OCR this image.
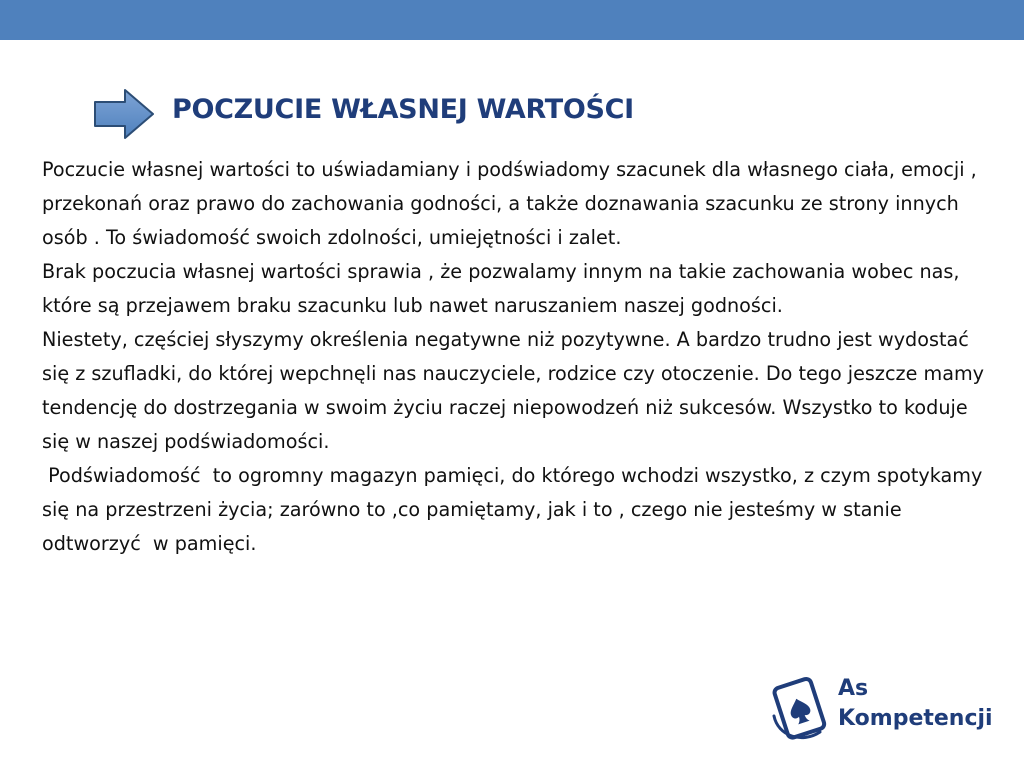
POCZUCIE WŁASNEJ WARTOŚCI

Poczucie własnej wartości to uświadamiany i podświadomy szacunek dla własnego ciała, emocji , przekonań oraz prawo do zachowania godności, a także doznawania szacunku ze strony innych osób . To świadomość swoich zdolności, umiejętności i zalet.

Brak poczucia własnej wartości sprawia , że pozwalamy innym na takie zachowania wobec nas, które są przejawem braku szacunku lub nawet naruszaniem naszej godności.

Niestety, częściej słyszymy określenia negatywne niż pozytywne. A bardzo trudno jest wydostać  się z szufladki, do której wepchnęli nas nauczyciele, rodzice czy otoczenie. Do tego jeszcze mamy tendencję do dostrzegania w swoim życiu raczej niepowodzeń niż sukcesów. Wszystko to koduje się w naszej podświadomości.

Podświadomość  to ogromny magazyn pamięci, do którego wchodzi wszystko, z czym spotykamy się na przestrzeni życia; zarówno to ,co pamiętamy, jak i to , czego nie jesteśmy w stanie odtworzyć  w pamięci.

As
Kompetencji
